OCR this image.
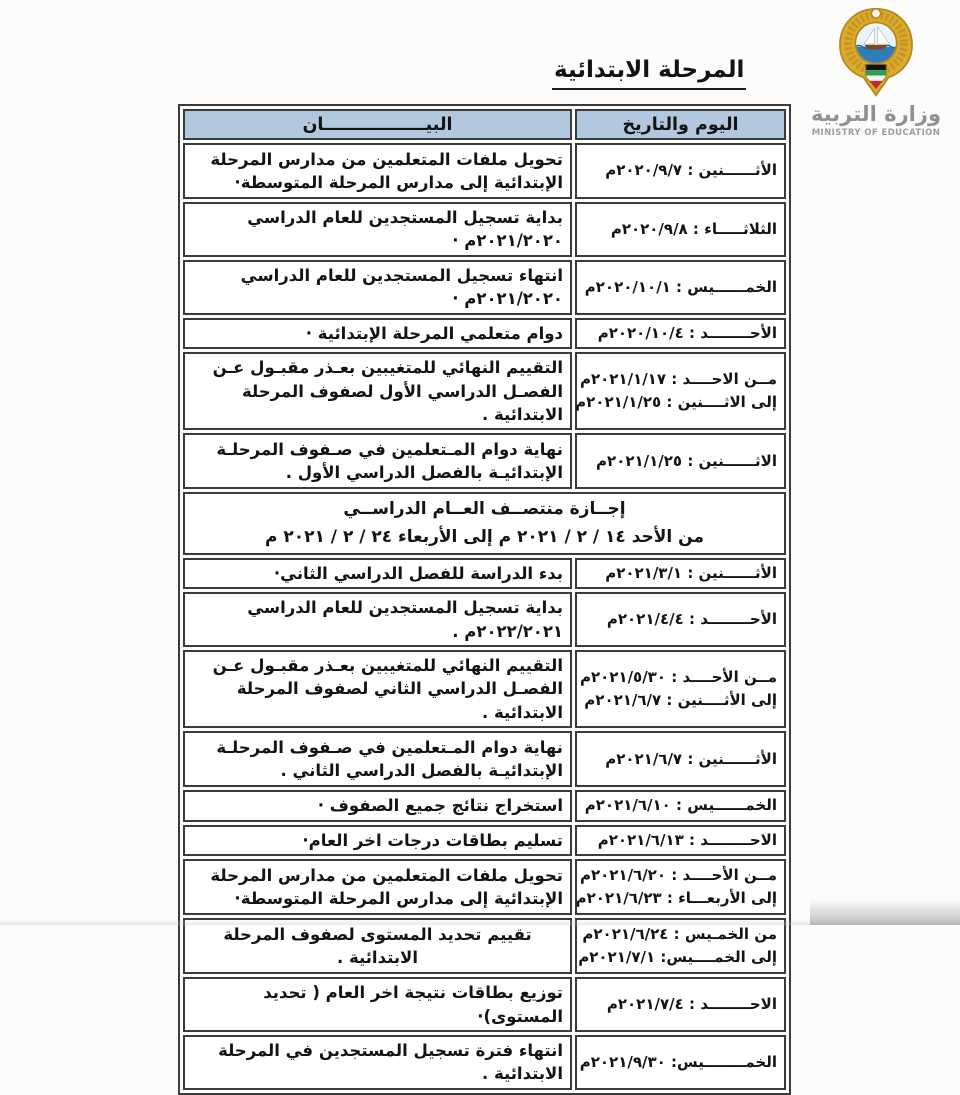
وزارة التربية
MINISTRY OF EDUCATION
المرحلة الابتدائية
اليوم والتاريخ
البيـــــــــــــــــان
الأثــــــنين : ٢٠٢٠/٩/٧م
تحويل ملفات المتعلمين من مدارس المرحلة الإبتدائية إلى مدارس المرحلة المتوسطة·
الثلاثـــــاء : ٢٠٢٠/٩/٨م
بداية تسجيل المستجدين للعام الدراسي ٢٠٢١/٢٠٢٠م ·
الخمــــــيس : ٢٠٢٠/١٠/١م
انتهاء تسجيل المستجدين للعام الدراسي ٢٠٢١/٢٠٢٠م ·
الأحــــــــد : ٢٠٢٠/١٠/٤م
دوام متعلمي المرحلة الإبتدائية ·
مــن الاحــــد : ٢٠٢١/١/١٧م
إلى الاثــــنين : ٢٠٢١/١/٢٥م
التقييم النهائي للمتغيبين بعـذر مقبـول عـن الفصـل الدراسي الأول لصفوف المرحلة الابتدائية .
الاثــــــنين : ٢٠٢١/١/٢٥م
نهاية دوام المـتعلمين في صـفوف المرحلـة الإبتدائيـة بالفصل الدراسي الأول .
إجــازة منتصــف العــام الدراســي
من الأحد ١٤ / ٢ / ٢٠٢١ م إلى الأربعاء ٢٤ / ٢ / ٢٠٢١ م
الأثــــــنين : ٢٠٢١/٣/١م
بدء الدراسة للفصل الدراسي الثاني·
الأحــــــــد : ٢٠٢١/٤/٤م
بداية تسجيل المستجدين للعام الدراسي ٢٠٢٢/٢٠٢١م .
مــن الأحــــد : ٢٠٢١/٥/٣٠م
إلى الأثــــنين : ٢٠٢١/٦/٧م
التقييم النهائي للمتغيبين بعـذر مقبـول عـن الفصـل الدراسي الثاني لصفوف المرحلة الابتدائية .
الأثــــــنين : ٢٠٢١/٦/٧م
نهاية دوام المـتعلمين في صـفوف المرحلـة الإبتدائيـة بالفصل الدراسي الثاني .
الخمــــــيس : ٢٠٢١/٦/١٠م
استخراج نتائج جميع الصفوف ·
الاحــــــــد : ٢٠٢١/٦/١٣م
تسليم بطاقات درجات اخر العام·
مــن الأحــــد : ٢٠٢١/٦/٢٠م
إلى الأربعـــاء : ٢٠٢١/٦/٢٣م
تحويل ملفات المتعلمين من مدارس المرحلة الإبتدائية إلى مدارس المرحلة المتوسطة·
من الخمـيس : ٢٠٢١/٦/٢٤م
إلى الخمــــيس: ٢٠٢١/٧/١م
تقييم تحديد المستوى لصفوف المرحلة الابتدائية .
الاحــــــــد : ٢٠٢١/٧/٤م
توزيع بطاقات نتيجة اخر العام ( تحديد المستوى)·
الخمــــــــيس: ٢٠٢١/٩/٣٠م
انتهاء فترة تسجيل المستجدين في المرحلة الابتدائية .
